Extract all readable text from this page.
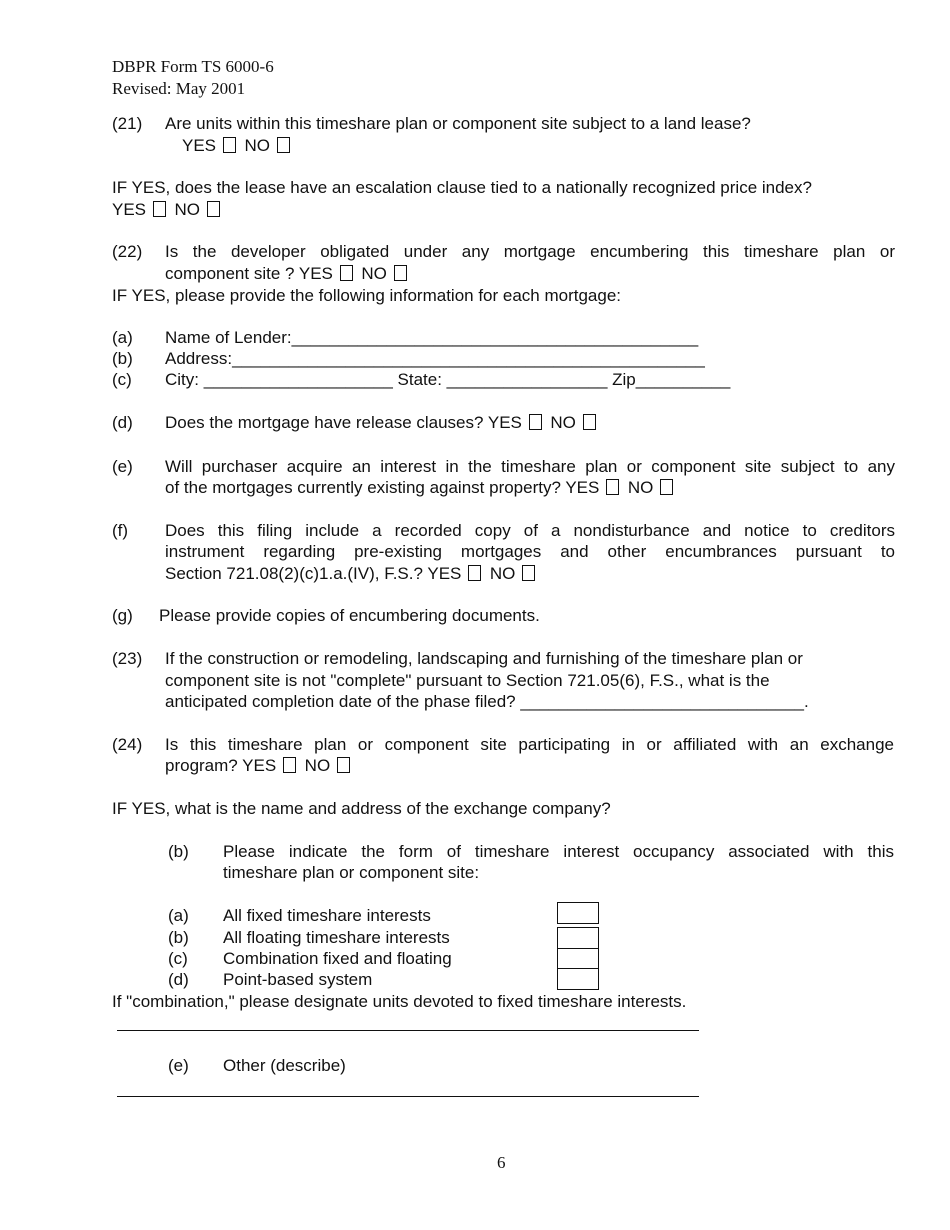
DBPR Form TS 6000-6
Revised: May 2001
(21) Are units within this timeshare plan or component site subject to a land lease?
YES NO
IF YES, does the lease have an escalation clause tied to a nationally recognized price index?
YES NO
(22) Is the developer obligated under any mortgage encumbering this timeshare plan or
component site ? YES NO
IF YES, please provide the following information for each mortgage:
(a) Name of Lender:___________________________________________
(b) Address:__________________________________________________
(c) City: ____________________ State: _________________ Zip__________
(d) Does the mortgage have release clauses? YES NO
(e) Will purchaser acquire an interest in the timeshare plan or component site subject to any
of the mortgages currently existing against property? YES NO
(f) Does this filing include a recorded copy of a nondisturbance and notice to creditors
instrument regarding pre-existing mortgages and other encumbrances pursuant to
Section 721.08(2)(c)1.a.(IV), F.S.? YES NO
(g) Please provide copies of encumbering documents.
(23) If the construction or remodeling, landscaping and furnishing of the timeshare plan or
component site is not "complete" pursuant to Section 721.05(6), F.S., what is the
anticipated completion date of the phase filed? ______________________________.
(24) Is this timeshare plan or component site participating in or affiliated with an exchange
program? YES NO
IF YES, what is the name and address of the exchange company?
(b) Please indicate the form of timeshare interest occupancy associated with this
timeshare plan or component site:
(a) All fixed timeshare interests
(b) All floating timeshare interests
(c) Combination fixed and floating
(d) Point-based system
If "combination," please designate units devoted to fixed timeshare interests.
(e) Other (describe)
6
